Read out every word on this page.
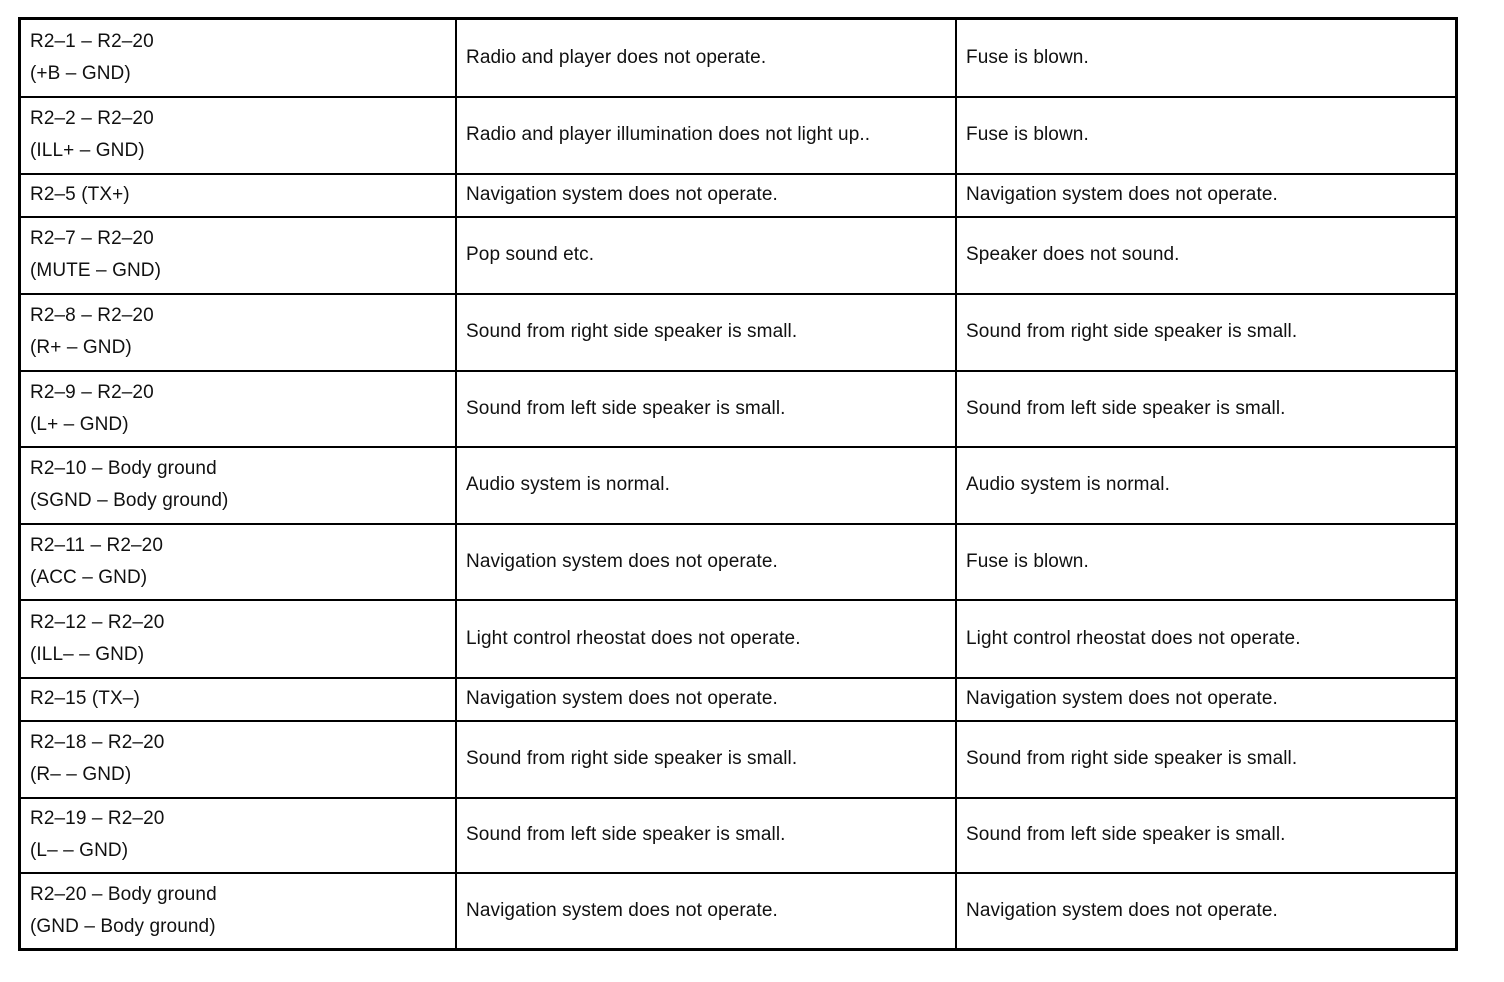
R2–1 – R2–20
(+B – GND)	Radio and player does not operate.	Fuse is blown.

R2–2 – R2–20
(ILL+ – GND)	Radio and player illumination does not light up..	Fuse is blown.

R2–5 (TX+)	Navigation system does not operate.	Navigation system does not operate.

R2–7 – R2–20
(MUTE – GND)	Pop sound etc.	Speaker does not sound.

R2–8 – R2–20
(R+ – GND)	Sound from right side speaker is small.	Sound from right side speaker is small.

R2–9 – R2–20
(L+ – GND)	Sound from left side speaker is small.	Sound from left side speaker is small.

R2–10 – Body ground
(SGND – Body ground)	Audio system is normal.	Audio system is normal.

R2–11 – R2–20
(ACC – GND)	Navigation system does not operate.	Fuse is blown.

R2–12 – R2–20
(ILL– – GND)	Light control rheostat does not operate.	Light control rheostat does not operate.

R2–15 (TX–)	Navigation system does not operate.	Navigation system does not operate.

R2–18 – R2–20
(R– – GND)	Sound from right side speaker is small.	Sound from right side speaker is small.

R2–19 – R2–20
(L– – GND)	Sound from left side speaker is small.	Sound from left side speaker is small.

R2–20 – Body ground
(GND – Body ground)	Navigation system does not operate.	Navigation system does not operate.
